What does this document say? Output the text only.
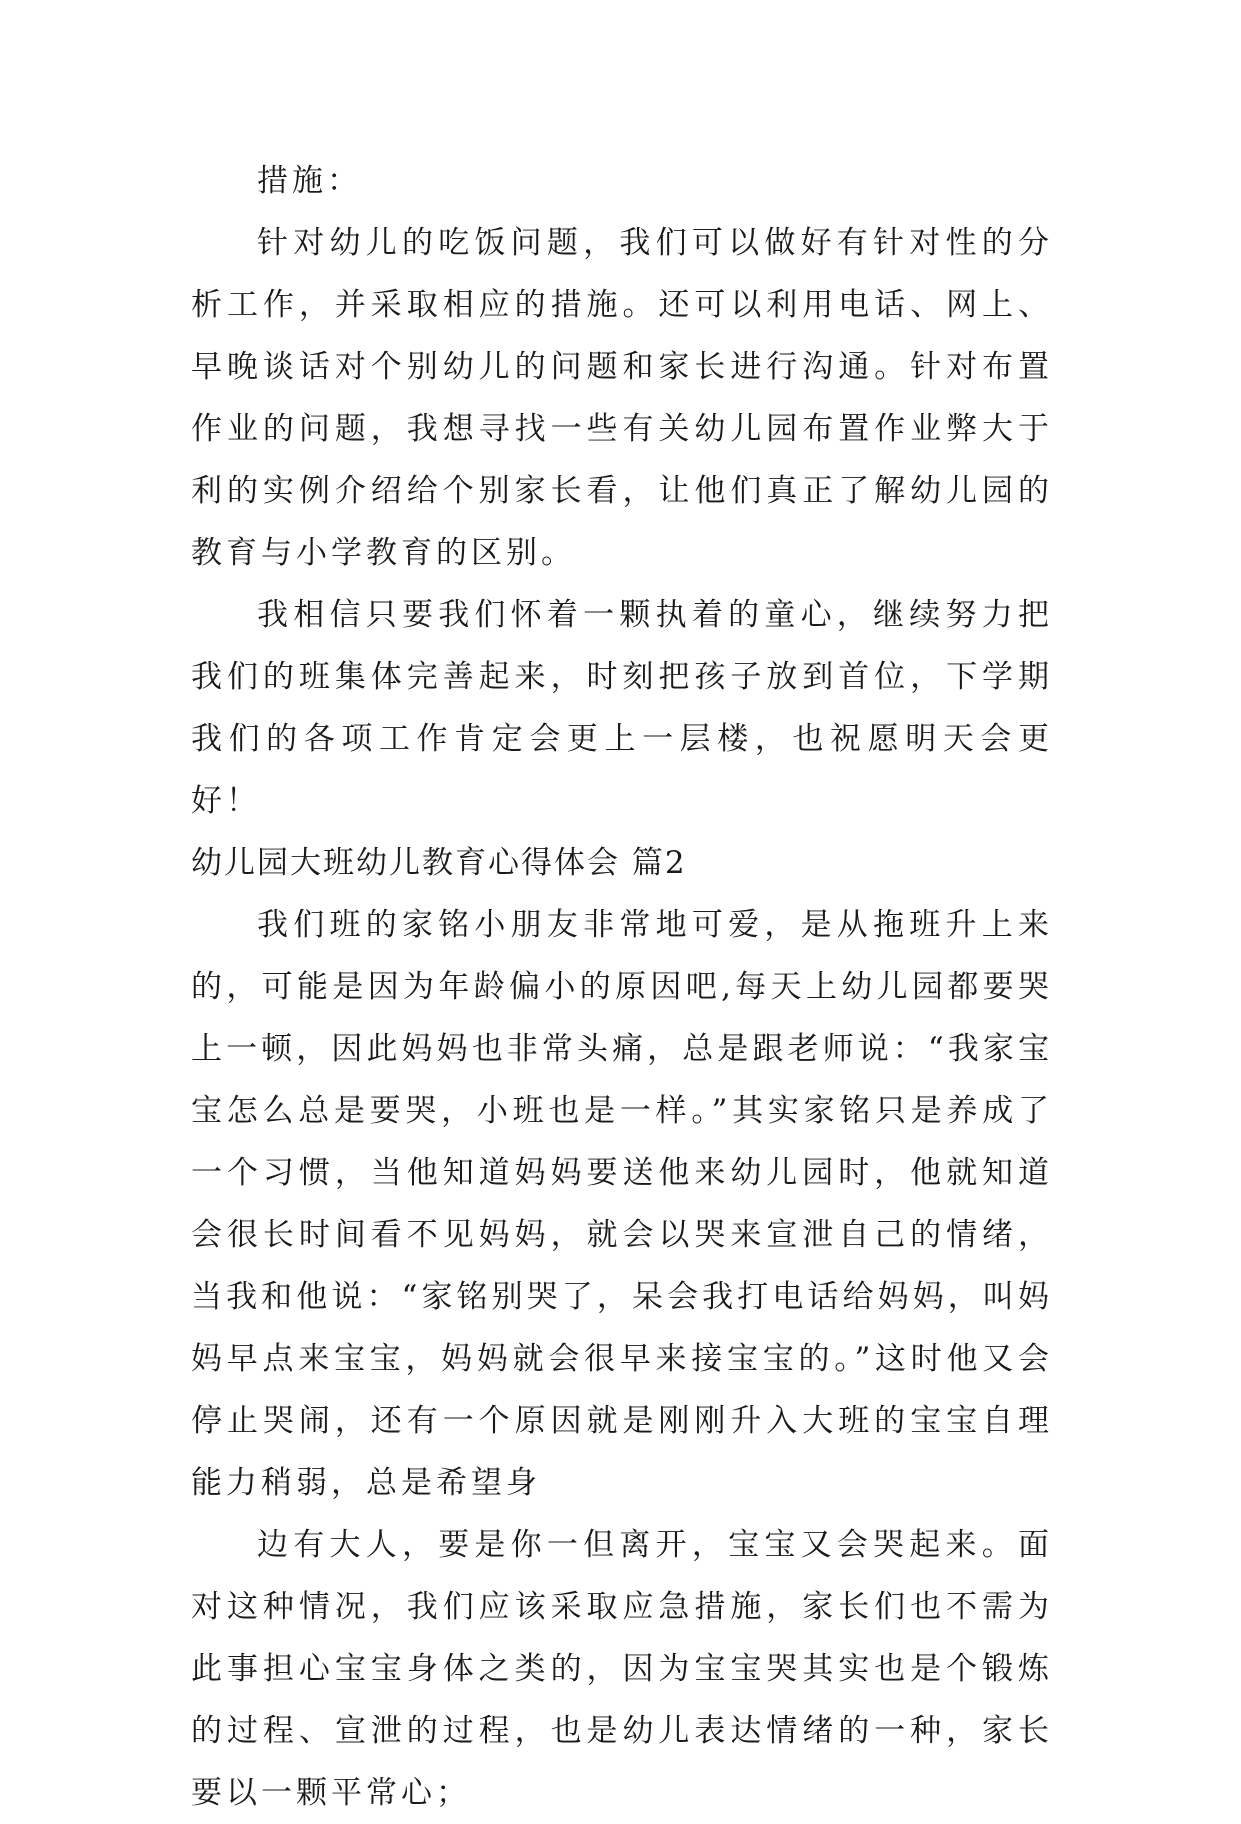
措施：

针对幼儿的吃饭问题，我们可以做好有针对性的分析工作，并采取相应的措施。还可以利用电话、网上、早晚谈话对个别幼儿的问题和家长进行沟通。针对布置作业的问题，我想寻找一些有关幼儿园布置作业弊大于利的实例介绍给个别家长看，让他们真正了解幼儿园的教育与小学教育的区别。

我相信只要我们怀着一颗执着的童心，继续努力把我们的班集体完善起来，时刻把孩子放到首位，下学期我们的各项工作肯定会更上一层楼，也祝愿明天会更好！

幼儿园大班幼儿教育心得体会 篇2

我们班的家铭小朋友非常地可爱，是从拖班升上来的，可能是因为年龄偏小的原因吧,每天上幼儿园都要哭上一顿，因此妈妈也非常头痛，总是跟老师说：“我家宝宝怎么总是要哭，小班也是一样。”其实家铭只是养成了一个习惯，当他知道妈妈要送他来幼儿园时，他就知道会很长时间看不见妈妈，就会以哭来宣泄自己的情绪，当我和他说：“家铭别哭了，呆会我打电话给妈妈，叫妈妈早点来宝宝，妈妈就会很早来接宝宝的。”这时他又会停止哭闹，还有一个原因就是刚刚升入大班的宝宝自理能力稍弱，总是希望身

边有大人，要是你一但离开，宝宝又会哭起来。面对这种情况，我们应该采取应急措施，家长们也不需为此事担心宝宝身体之类的，因为宝宝哭其实也是个锻炼的过程、宣泄的过程，也是幼儿表达情绪的一种，家长要以一颗平常心；
